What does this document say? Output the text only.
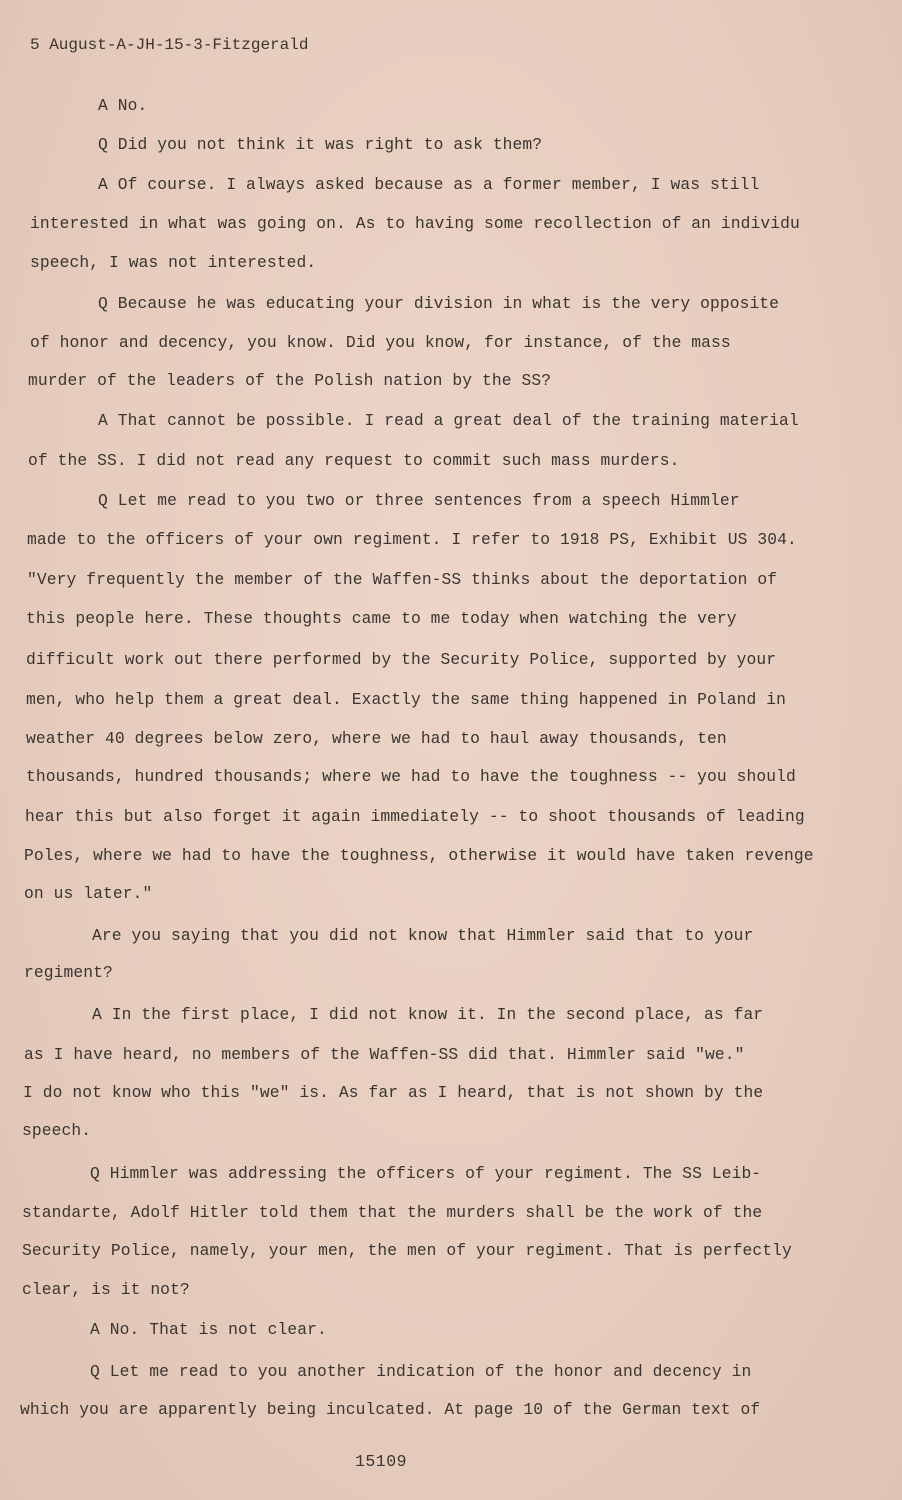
5 August-A-JH-15-3-Fitzgerald
A No.
Q Did you not think it was right to ask them?
A Of course. I always asked because as a former member, I was still
interested in what was going on. As to having some recollection of an individu
speech, I was not interested.
Q Because he was educating your division in what is the very opposite
of honor and decency, you know. Did you know, for instance, of the mass
murder of the leaders of the Polish nation by the SS?
A That cannot be possible. I read a great deal of the training material
of the SS. I did not read any request to commit such mass murders.
Q Let me read to you two or three sentences from a speech Himmler
made to the officers of your own regiment. I refer to 1918 PS, Exhibit US 304.
"Very frequently the member of the Waffen-SS thinks about the deportation of
this people here. These thoughts came to me today when watching the very
difficult work out there performed by the Security Police, supported by your
men, who help them a great deal. Exactly the same thing happened in Poland in
weather 40 degrees below zero, where we had to haul away thousands, ten
thousands, hundred thousands; where we had to have the toughness -- you should
hear this but also forget it again immediately -- to shoot thousands of leading
Poles, where we had to have the toughness, otherwise it would have taken revenge
on us later."
Are you saying that you did not know that Himmler said that to your
regiment?
A In the first place, I did not know it. In the second place, as far
as I have heard, no members of the Waffen-SS did that. Himmler said "we."
I do not know who this "we" is. As far as I heard, that is not shown by the
speech.
Q Himmler was addressing the officers of your regiment. The SS Leib-
standarte, Adolf Hitler told them that the murders shall be the work of the
Security Police, namely, your men, the men of your regiment. That is perfectly
clear, is it not?
A No. That is not clear.
Q Let me read to you another indication of the honor and decency in
which you are apparently being inculcated. At page 10 of the German text of
15109
